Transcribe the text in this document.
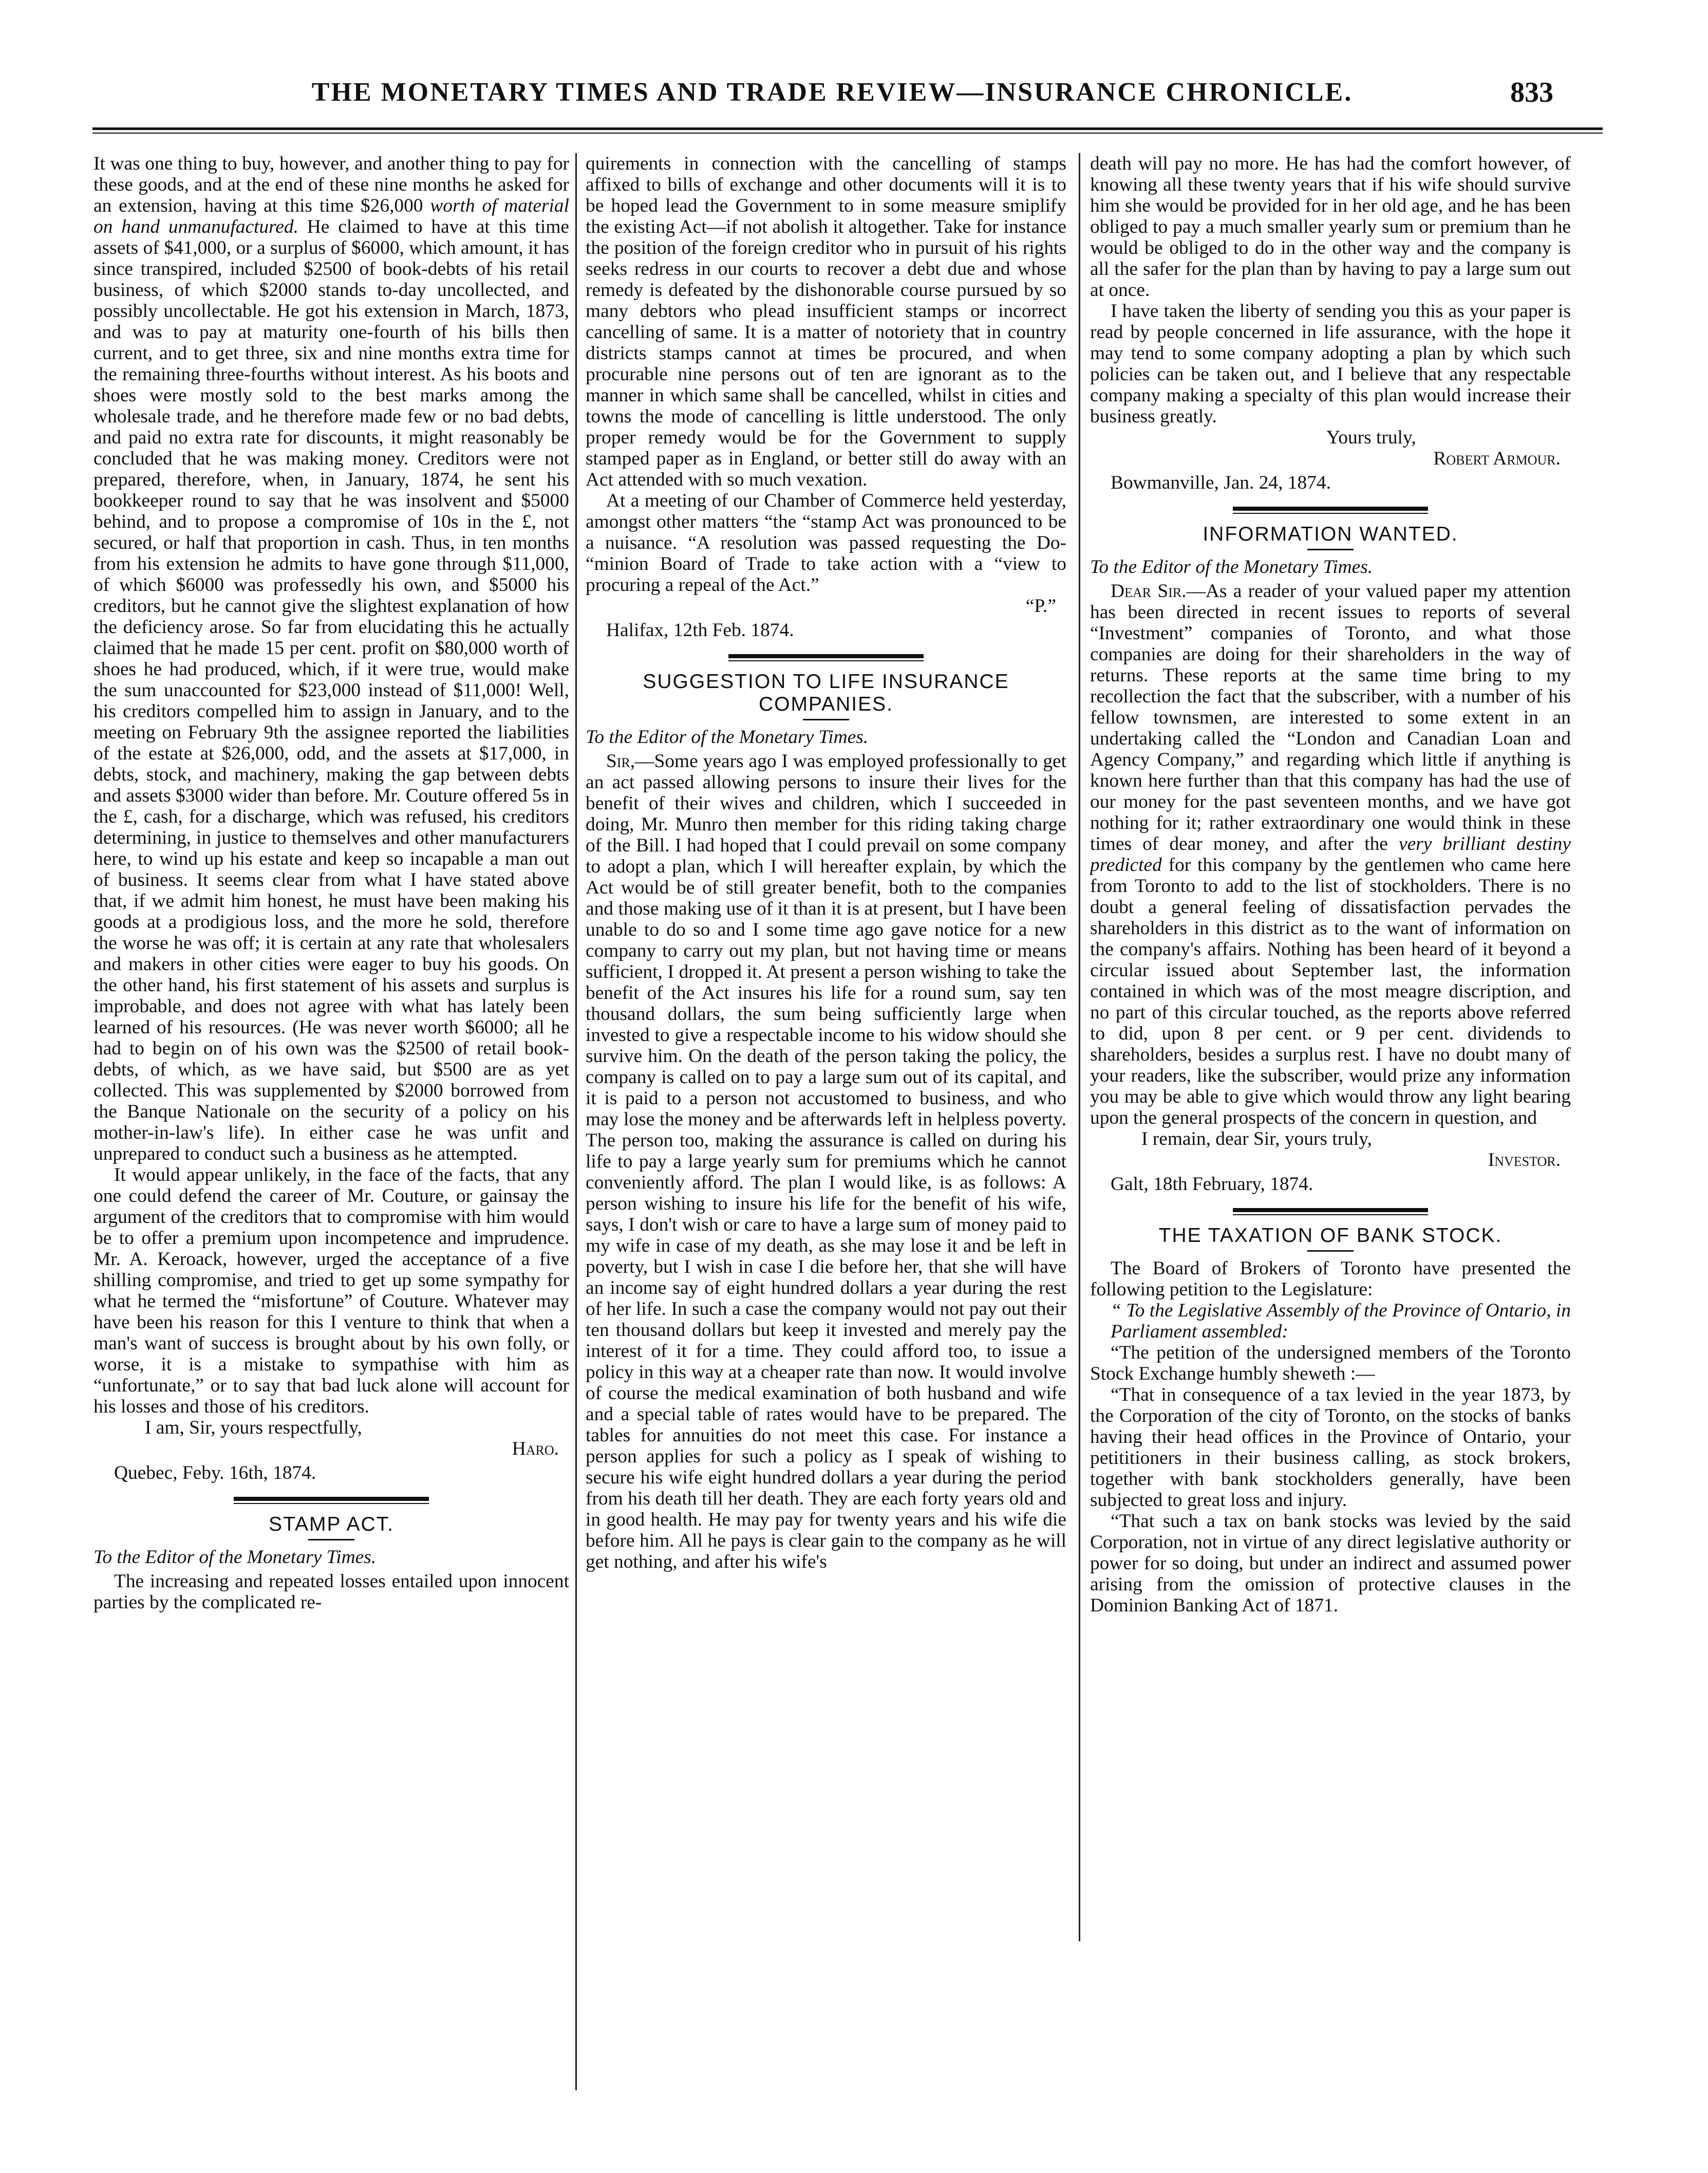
THE MONETARY TIMES AND TRADE REVIEW—INSURANCE CHRONICLE.	833

It was one thing to buy, however, and another thing to pay for these goods, and at the end of these nine months he asked for an extension, having at this time $26,000 worth of material on hand unmanufactured. He claimed to have at this time assets of $41,000, or a surplus of $6000, which amount, it has since transpired, included $2500 of book-debts of his retail business, of which $2000 stands to-day uncollected, and possibly uncollectable. He got his extension in March, 1873, and was to pay at maturity one-fourth of his bills then current, and to get three, six and nine months extra time for the remaining three-fourths without interest. As his boots and shoes were mostly sold to the best marks among the wholesale trade, and he therefore made few or no bad debts, and paid no extra rate for discounts, it might reasonably be concluded that he was making money. Creditors were not prepared, therefore, when, in January, 1874, he sent his bookkeeper round to say that he was insolvent and $5000 behind, and to propose a compromise of 10s in the £, not secured, or half that proportion in cash. Thus, in ten months from his extension he admits to have gone through $11,000, of which $6000 was professedly his own, and $5000 his creditors, but he cannot give the slightest explanation of how the deficiency arose. So far from elucidating this he actually claimed that he made 15 per cent. profit on $80,000 worth of shoes he had produced, which, if it were true, would make the sum unaccounted for $23,000 instead of $11,000! Well, his creditors compelled him to assign in January, and to the meeting on February 9th the assignee reported the liabilities of the estate at $26,000, odd, and the assets at $17,000, in debts, stock, and machinery, making the gap between debts and assets $3000 wider than before. Mr. Couture offered 5s in the £, cash, for a discharge, which was refused, his creditors determining, in justice to themselves and other manufacturers here, to wind up his estate and keep so incapable a man out of business. It seems clear from what I have stated above that, if we admit him honest, he must have been making his goods at a prodigious loss, and the more he sold, therefore the worse he was off; it is certain at any rate that wholesalers and makers in other cities were eager to buy his goods. On the other hand, his first statement of his assets and surplus is improbable, and does not agree with what has lately been learned of his resources. (He was never worth $6000; all he had to begin on of his own was the $2500 of retail book-debts, of which, as we have said, but $500 are as yet collected. This was supplemented by $2000 borrowed from the Banque Nationale on the security of a policy on his mother-in-law's life). In either case he was unfit and unprepared to conduct such a business as he attempted.

It would appear unlikely, in the face of the facts, that any one could defend the career of Mr. Couture, or gainsay the argument of the creditors that to compromise with him would be to offer a premium upon incompetence and imprudence. Mr. A. Keroack, however, urged the acceptance of a five shilling compromise, and tried to get up some sympathy for what he termed the “misfortune” of Couture. Whatever may have been his reason for this I venture to think that when a man's want of success is brought about by his own folly, or worse, it is a mistake to sympathise with him as “unfortunate,” or to say that bad luck alone will account for his losses and those of his creditors.

I am, Sir, yours respectfully,

Haro.

Quebec, Feby. 16th, 1874.

STAMP ACT.

To the Editor of the Monetary Times.

The increasing and repeated losses entailed upon innocent parties by the complicated re-

quirements in connection with the cancelling of stamps affixed to bills of exchange and other documents will it is to be hoped lead the Government to in some measure smiplify the existing Act—if not abolish it altogether. Take for instance the position of the foreign creditor who in pursuit of his rights seeks redress in our courts to recover a debt due and whose remedy is defeated by the dishonorable course pursued by so many debtors who plead insufficient stamps or incorrect cancelling of same. It is a matter of notoriety that in country districts stamps cannot at times be procured, and when procurable nine persons out of ten are ignorant as to the manner in which same shall be cancelled, whilst in cities and towns the mode of cancelling is little understood. The only proper remedy would be for the Government to supply stamped paper as in England, or better still do away with an Act attended with so much vexation.

At a meeting of our Chamber of Commerce held yesterday, amongst other matters “the “stamp Act was pronounced to be a nuisance. “A resolution was passed requesting the Do- “minion Board of Trade to take action with a “view to procuring a repeal of the Act.”

“P.”

Halifax, 12th Feb. 1874.

SUGGESTION TO LIFE INSURANCE COMPANIES.

To the Editor of the Monetary Times.

Sir,—Some years ago I was employed professionally to get an act passed allowing persons to insure their lives for the benefit of their wives and children, which I succeeded in doing, Mr. Munro then member for this riding taking charge of the Bill. I had hoped that I could prevail on some company to adopt a plan, which I will hereafter explain, by which the Act would be of still greater benefit, both to the companies and those making use of it than it is at present, but I have been unable to do so and I some time ago gave notice for a new company to carry out my plan, but not having time or means sufficient, I dropped it. At present a person wishing to take the benefit of the Act insures his life for a round sum, say ten thousand dollars, the sum being sufficiently large when invested to give a respectable income to his widow should she survive him. On the death of the person taking the policy, the company is called on to pay a large sum out of its capital, and it is paid to a person not accustomed to business, and who may lose the money and be afterwards left in helpless poverty. The person too, making the assurance is called on during his life to pay a large yearly sum for premiums which he cannot conveniently afford. The plan I would like, is as follows: A person wishing to insure his life for the benefit of his wife, says, I don't wish or care to have a large sum of money paid to my wife in case of my death, as she may lose it and be left in poverty, but I wish in case I die before her, that she will have an income say of eight hundred dollars a year during the rest of her life. In such a case the company would not pay out their ten thousand dollars but keep it invested and merely pay the interest of it for a time. They could afford too, to issue a policy in this way at a cheaper rate than now. It would involve of course the medical examination of both husband and wife and a special table of rates would have to be prepared. The tables for annuities do not meet this case. For instance a person applies for such a policy as I speak of wishing to secure his wife eight hundred dollars a year during the period from his death till her death. They are each forty years old and in good health. He may pay for twenty years and his wife die before him. All he pays is clear gain to the company as he will get nothing, and after his wife's

death will pay no more. He has had the comfort however, of knowing all these twenty years that if his wife should survive him she would be provided for in her old age, and he has been obliged to pay a much smaller yearly sum or premium than he would be obliged to do in the other way and the company is all the safer for the plan than by having to pay a large sum out at once.

I have taken the liberty of sending you this as your paper is read by people concerned in life assurance, with the hope it may tend to some company adopting a plan by which such policies can be taken out, and I believe that any respectable company making a specialty of this plan would increase their business greatly.

Yours truly,

Robert Armour.

Bowmanville, Jan. 24, 1874.

INFORMATION WANTED.

To the Editor of the Monetary Times.

Dear Sir.—As a reader of your valued paper my attention has been directed in recent issues to reports of several “Investment” companies of Toronto, and what those companies are doing for their shareholders in the way of returns. These reports at the same time bring to my recollection the fact that the subscriber, with a number of his fellow townsmen, are interested to some extent in an undertaking called the “London and Canadian Loan and Agency Company,” and regarding which little if anything is known here further than that this company has had the use of our money for the past seventeen months, and we have got nothing for it; rather extraordinary one would think in these times of dear money, and after the very brilliant destiny predicted for this company by the gentlemen who came here from Toronto to add to the list of stockholders. There is no doubt a general feeling of dissatisfaction pervades the shareholders in this district as to the want of information on the company's affairs. Nothing has been heard of it beyond a circular issued about September last, the information contained in which was of the most meagre discription, and no part of this circular touched, as the reports above referred to did, upon 8 per cent. or 9 per cent. dividends to shareholders, besides a surplus rest. I have no doubt many of your readers, like the subscriber, would prize any information you may be able to give which would throw any light bearing upon the general prospects of the concern in question, and

I remain, dear Sir, yours truly,

Investor.

Galt, 18th February, 1874.

THE TAXATION OF BANK STOCK.

The Board of Brokers of Toronto have presented the following petition to the Legislature:

“ To the Legislative Assembly of the Province of Ontario, in Parliament assembled:

“The petition of the undersigned members of the Toronto Stock Exchange humbly sheweth :—

“That in consequence of a tax levied in the year 1873, by the Corporation of the city of Toronto, on the stocks of banks having their head offices in the Province of Ontario, your petititioners in their business calling, as stock brokers, together with bank stockholders generally, have been subjected to great loss and injury.

“That such a tax on bank stocks was levied by the said Corporation, not in virtue of any direct legislative authority or power for so doing, but under an indirect and assumed power arising from the omission of protective clauses in the Dominion Banking Act of 1871.
